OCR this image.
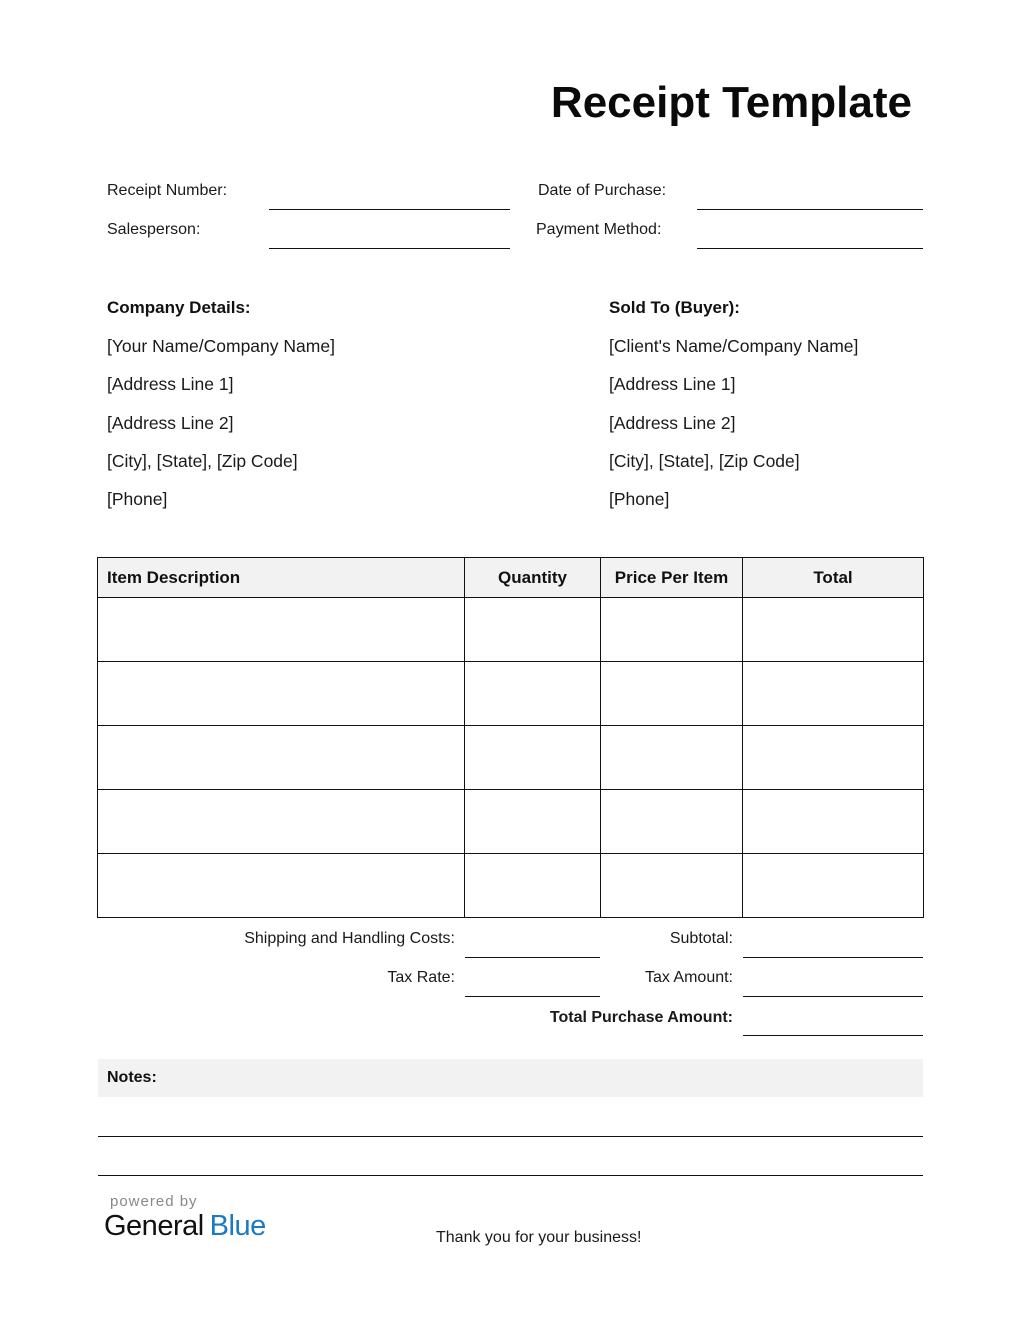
Receipt Template
Receipt Number:
Salesperson:
Date of Purchase:
Payment Method:
Company Details:
[Your Name/Company Name]
[Address Line 1]
[Address Line 2]
[City], [State], [Zip Code]
[Phone]
Sold To (Buyer):
[Client's Name/Company Name]
[Address Line 1]
[Address Line 2]
[City], [State], [Zip Code]
[Phone]
Item Description	Quantity	Price Per Item	Total

Shipping and Handling Costs:
Tax Rate:
Subtotal:
Tax Amount:
Total Purchase Amount:
Notes:
powered by
General Blue	Thank you for your business!
